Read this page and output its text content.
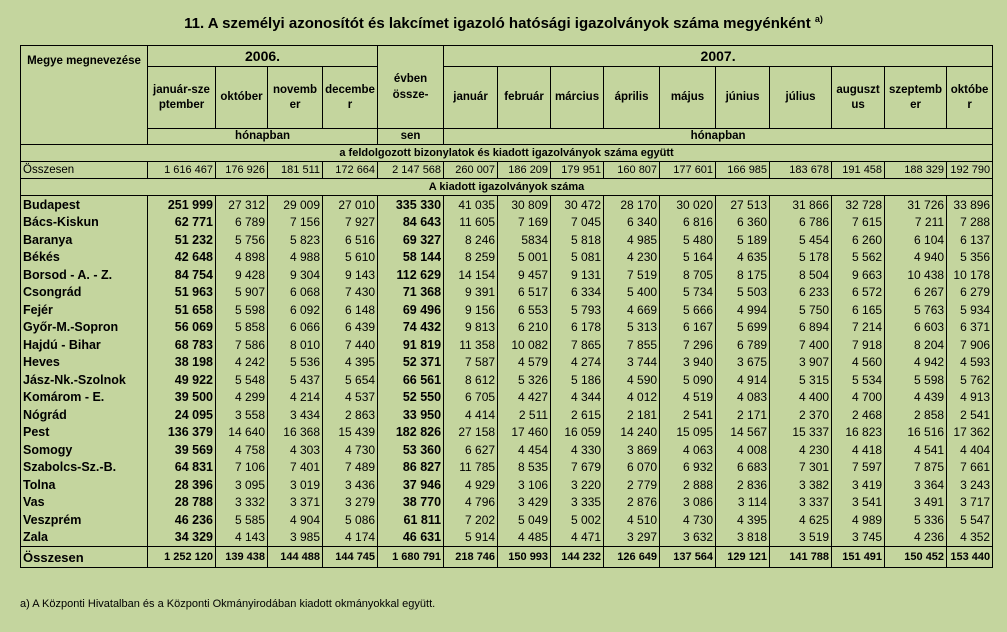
11. A személyi azonosítót és lakcímet igazoló hatósági igazolványok száma megyénként $^{a)}$
Megye megnevezése	2006.				évben össze-	2007.									
	január-szeptember	október	november	december		január	február	március	április	május	június	július	augusztus	szeptember	október
	hónapban				sen	hónapban									
a feldolgozott bizonylatok és kiadott igazolványok száma együtt															
Összesen	1 616 467	176 926	181 511	172 664	2 147 568	260 007	186 209	179 951	160 807	177 601	166 985	183 678	191 458	188 329	192 790
A kiadott igazolványok száma															
Budapest	251 999	27 312	29 009	27 010	335 330	41 035	30 809	30 472	28 170	30 020	27 513	31 866	32 728	31 726	33 896
Bács-Kiskun	62 771	6 789	7 156	7 927	84 643	11 605	7 169	7 045	6 340	6 816	6 360	6 786	7 615	7 211	7 288
Baranya	51 232	5 756	5 823	6 516	69 327	8 246	5834	5 818	4 985	5 480	5 189	5 454	6 260	6 104	6 137
Békés	42 648	4 898	4 988	5 610	58 144	8 259	5 001	5 081	4 230	5 164	4 635	5 178	5 562	4 940	5 356
Borsod - A. - Z.	84 754	9 428	9 304	9 143	112 629	14 154	9 457	9 131	7 519	8 705	8 175	8 504	9 663	10 438	10 178
Csongrád	51 963	5 907	6 068	7 430	71 368	9 391	6 517	6 334	5 400	5 734	5 503	6 233	6 572	6 267	6 279
Fejér	51 658	5 598	6 092	6 148	69 496	9 156	6 553	5 793	4 669	5 666	4 994	5 750	6 165	5 763	5 934
Győr-M.-Sopron	56 069	5 858	6 066	6 439	74 432	9 813	6 210	6 178	5 313	6 167	5 699	6 894	7 214	6 603	6 371
Hajdú - Bihar	68 783	7 586	8 010	7 440	91 819	11 358	10 082	7 865	7 855	7 296	6 789	7 400	7 918	8 204	7 906
Heves	38 198	4 242	5 536	4 395	52 371	7 587	4 579	4 274	3 744	3 940	3 675	3 907	4 560	4 942	4 593
Jász-Nk.-Szolnok	49 922	5 548	5 437	5 654	66 561	8 612	5 326	5 186	4 590	5 090	4 914	5 315	5 534	5 598	5 762
Komárom - E.	39 500	4 299	4 214	4 537	52 550	6 705	4 427	4 344	4 012	4 519	4 083	4 400	4 700	4 439	4 913
Nógrád	24 095	3 558	3 434	2 863	33 950	4 414	2 511	2 615	2 181	2 541	2 171	2 370	2 468	2 858	2 541
Pest	136 379	14 640	16 368	15 439	182 826	27 158	17 460	16 059	14 240	15 095	14 567	15 337	16 823	16 516	17 362
Somogy	39 569	4 758	4 303	4 730	53 360	6 627	4 454	4 330	3 869	4 063	4 008	4 230	4 418	4 541	4 404
Szabolcs-Sz.-B.	64 831	7 106	7 401	7 489	86 827	11 785	8 535	7 679	6 070	6 932	6 683	7 301	7 597	7 875	7 661
Tolna	28 396	3 095	3 019	3 436	37 946	4 929	3 106	3 220	2 779	2 888	2 836	3 382	3 419	3 364	3 243
Vas	28 788	3 332	3 371	3 279	38 770	4 796	3 429	3 335	2 876	3 086	3 114	3 337	3 541	3 491	3 717
Veszprém	46 236	5 585	4 904	5 086	61 811	7 202	5 049	5 002	4 510	4 730	4 395	4 625	4 989	5 336	5 547
Zala	34 329	4 143	3 985	4 174	46 631	5 914	4 485	4 471	3 297	3 632	3 818	3 519	3 745	4 236	4 352
Összesen	1 252 120	139 438	144 488	144 745	1 680 791	218 746	150 993	144 232	126 649	137 564	129 121	141 788	151 491	150 452	153 440
a) A Központi Hivatalban és a Központi Okmányirodában kiadott okmányokkal együtt.
